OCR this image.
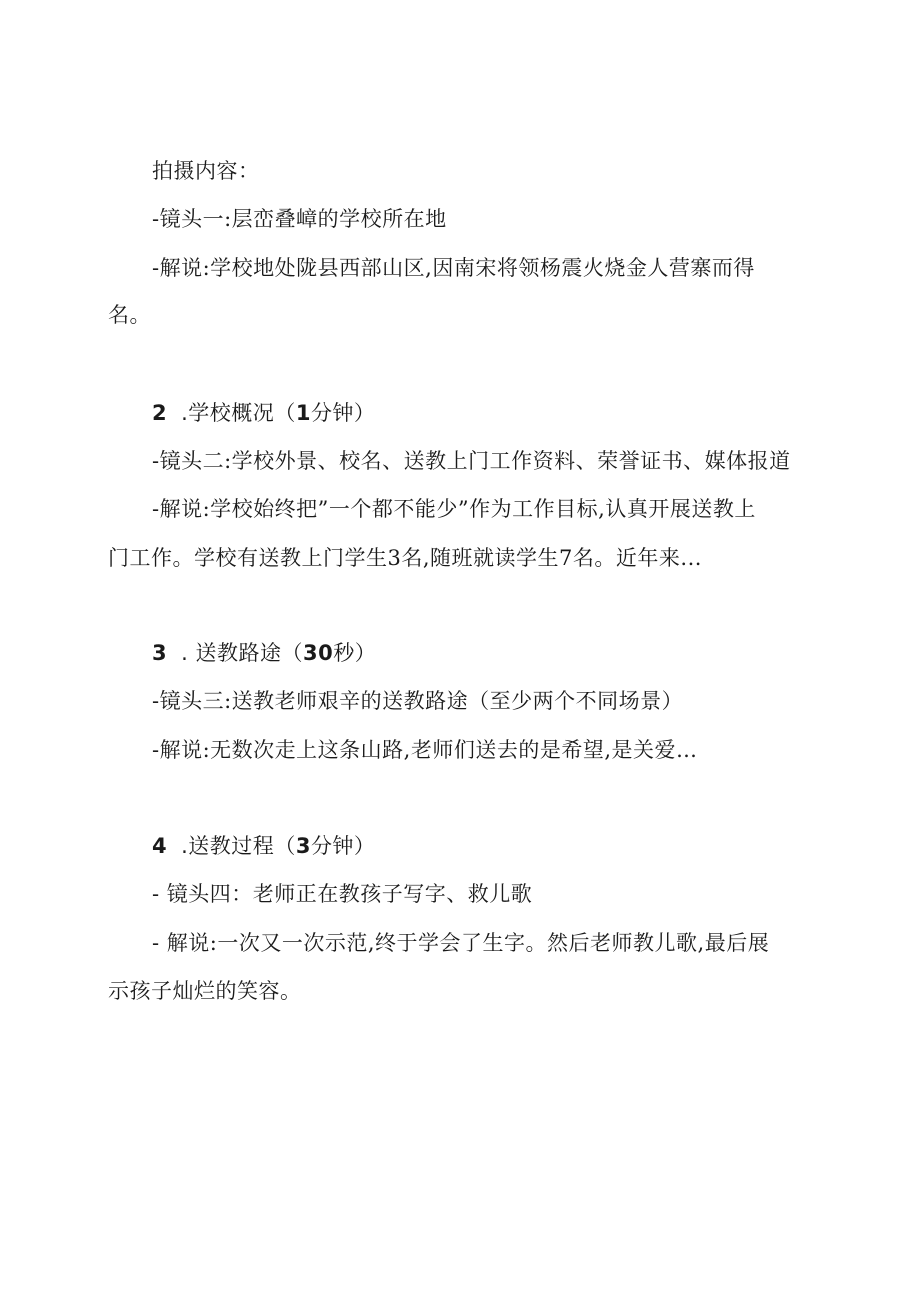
拍摄内容：
-镜头一:层峦叠嶂的学校所在地
-解说:学校地处陇县西部山区,因南宋将领杨震火烧金人营寨而得
名。
2 .学校概况（1分钟）
-镜头二:学校外景、校名、送教上门工作资料、荣誉证书、媒体报道
-解说:学校始终把”一个都不能少”作为工作目标,认真开展送教上
门工作。学校有送教上门学生3名,随班就读学生7名。近年来...
3 . 送教路途（30秒）
-镜头三:送教老师艰辛的送教路途（至少两个不同场景）
-解说:无数次走上这条山路,老师们送去的是希望,是关爱…
4 .送教过程（3分钟）
- 镜头四：老师正在教孩子写字、救儿歌
- 解说:一次又一次示范,终于学会了生字。然后老师教儿歌,最后展
示孩子灿烂的笑容。
